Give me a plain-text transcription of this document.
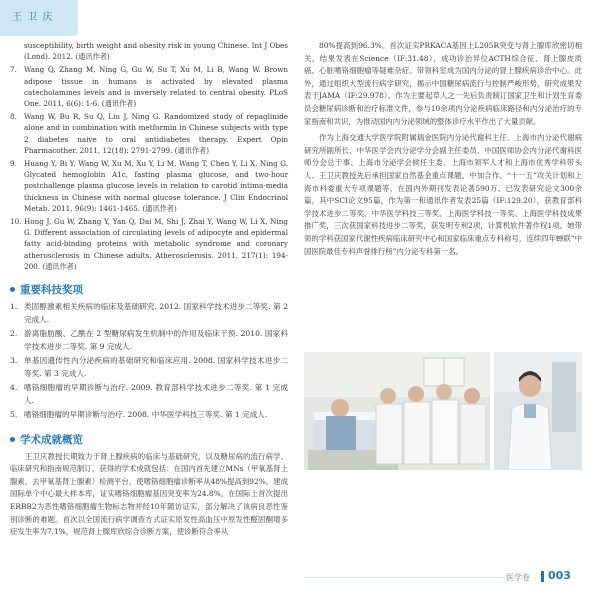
王 卫 庆
susceptibility, birth weight and obesity risk in young Chinese. Int J Obes (Lond). 2012. (通讯作者)
7. Wang Q, Zhang M, Ning G, Gu W, Su T, Xu M, Li B, Wang W. Brown adipose tissue in humans is activated by elevated plasma catecholamines levels and is inversely related to central obesity. PLoS One. 2011, 6(6): 1-6. (通讯作者)
8. Wang W, Bu R, Su Q, Liu J, Ning G. Randomized study of repaglinide alone and in combination with metformin in Chinese subjects with type 2 diabetes naive to oral antidiabetes therapy. Expert Opin Pharmacother. 2011, 12(18): 2791-2799. (通讯作者)
9. Huang Y, Bi Y, Wang W, Xu M, Xu Y, Li M, Wang T, Chen Y, Li X, Ning G. Glycated hemoglobin A1c, fasting plasma glucose, and two-hour postchallenge plasma glucose levels in relation to carotid intima-media thickness in Chinese with normal glucose tolerance. J Clin Endocrinol Metab. 2011, 96(9): 1461-1465. (通讯作者)
10. Hong J, Gu W, Zhang Y, Yan Q, Dai M, Shi J, Zhai Y, Wang W, Li X, Ning G. Different association of circulating levels of adipocyte and epidermal fatty acid-binding proteins with metabolic syndrome and coronary atherosclerosis in Chinese adults. Atherosclerosis. 2011, 217(1): 194-200. (通讯作者)
重要科技奖项
1. 类固醇激素相关疾病的临床及基础研究. 2012. 国家科学技术进步二等奖. 第 2 完成人.
2. 游离脂肪酸、乙酰在 2 型糖尿病发生机制中的作用及临床干预. 2010. 国家科学技术进步二等奖. 第 9 完成人.
3. 单基因遗传性内分泌疾病的基础研究和临床应用. 2008. 国家科学技术进步二等奖. 第 3 完成人.
4. 嗜铬细胞瘤的早期诊断与治疗. 2009. 教育部科学技术进步二等奖. 第 1 完成人.
5. 嗜铬细胞瘤的早期诊断与治疗. 2008. 中华医学科技三等奖. 第 1 完成人.
学术成就概览

王卫庆教授长期致力于肾上腺疾病的临床与基础研究，以及糖尿病的流行病学、临床研究和指南规范制订，获得的学术成就包括：在国内首先建立MNs（甲氧基肾上腺素，去甲氧基肾上腺素）检测平台，使嗜铬细胞瘤诊断率从48%提高到92%，建成国际单个中心最大样本库，证实嗜铬细胞瘤基因突变率为24.8%，在国际上首次提出ERBB2为恶性嗜铬细胞瘤生物标志物并经10年随访证实，部分解决了该病良恶性鉴别诊断的难题。首次以全国流行病学调查方式证实原发性高血压中原发性醛固酮增多症发生率为7.1%，规范肾上腺库欣综合诊断方案，使诊断符合率从

80%提高到96.3%。首次证实PRKACA基因上L205R突变与肾上腺库欣密切相关，结果发表在Science（IF:31.48），成功诊治异位ACTH综合征、肾上腺皮质癌、心脏嗜铬细胞瘤等疑难杂症。带领科室成为国内分泌的肾上腺疾病诊治中心。此外，通过组织大型流行病学研究，揭示中国糖尿病流行与控制严峻形势，研究成果发表于JAMA（IF:29.978）。作为主要起草人之一先后负责制订国家卫生和计划生育委员会糖尿病诊断和治疗标准文件，参与10余项内分泌疾病临床路径和内分泌治疗的专家指南和共识，为推动国内内分泌领域的整体诊疗水平作出了大量贡献。

作为上海交通大学医学院附属瑞金医院内分泌代谢科主任、上海市内分泌代谢病研究所副所长、中华医学会内分泌学分会副主任委员、中国医师协会内分泌代谢科医师分会总干事、上海市分泌学会候任主委、上海市领军人才和上海市优秀学科带头人、王卫庆教授先后承担国家自然基金重点课题、中加合作、“十一五”攻关计划和上海市科委重大专项课题等，在国内外期刊发表论著590万、已发表研究论文300余篇，其中SCI论文95篇，作为第一和通讯作者发表25篇（IF:129.20），获教育部科学技术进步二等奖、中华医学科技三等奖、上海医学科技一等奖、上海医学科技成果推广奖，三次获国家科技进步二等奖，获发明专利2项，计算机软件著作权1项。她带领的学科获国家代谢性疾病临床研究中心和国家临床重点专科称号，连续四年蝉联“中国医院最佳专科声誉排行榜”内分泌专科第一名。

医学卷 003
